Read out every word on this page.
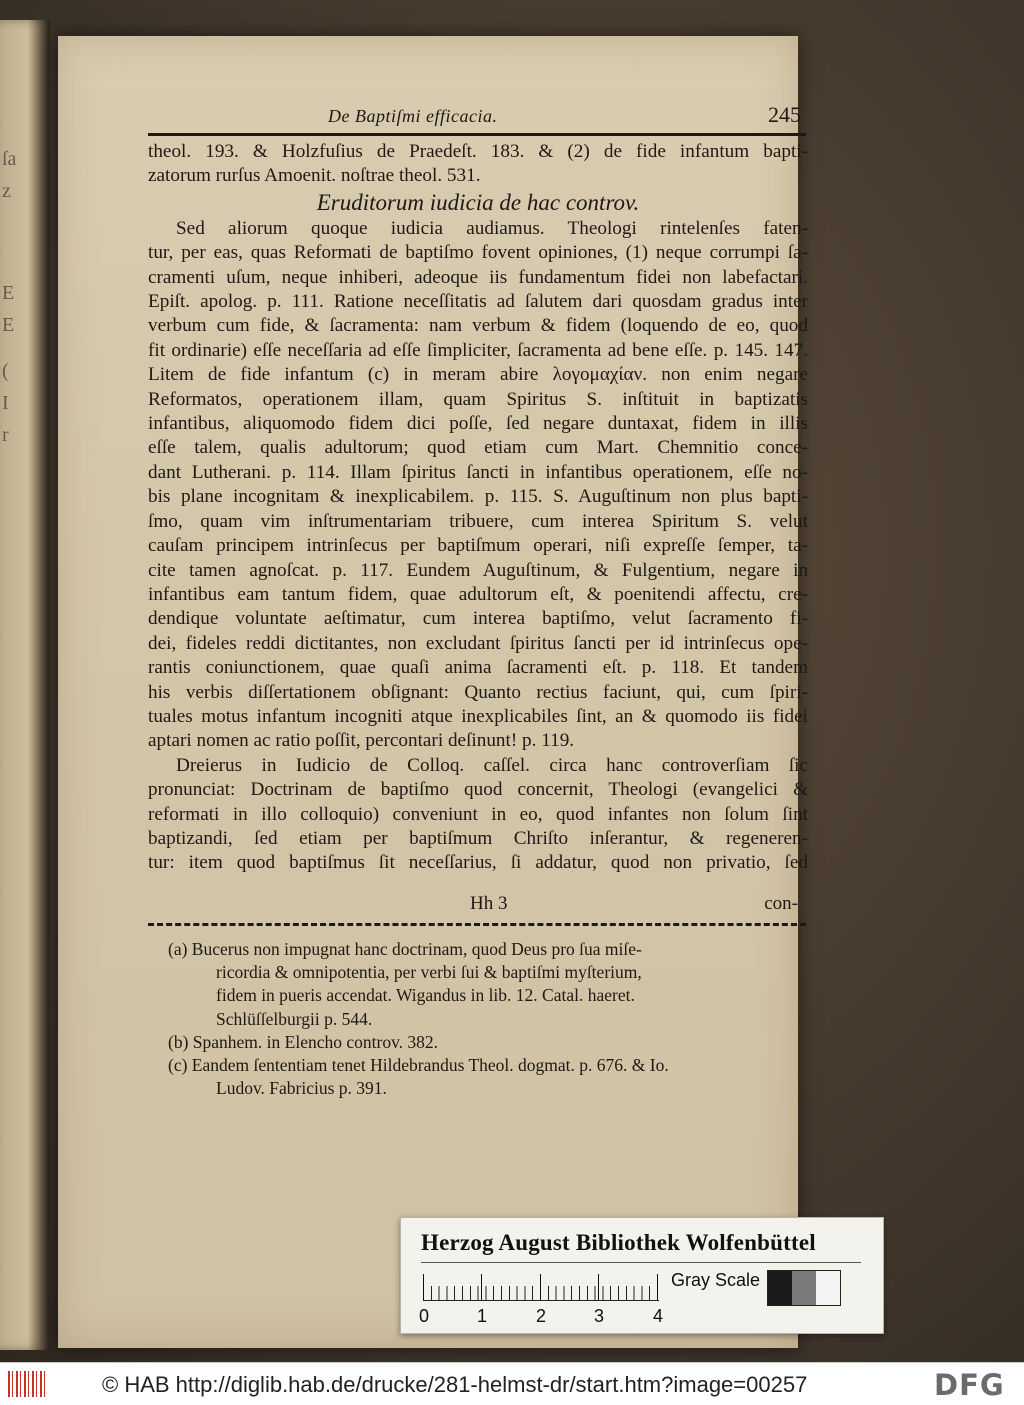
ſa
z
E
E
(
I
r
De Baptiſmi efficacia.	245
theol. 193. & Holzfuſius de Praedeſt. 183. & (2) de fide infantum bapti-
zatorum rurſus Amoenit. noſtrae theol. 531.
Eruditorum iudicia de hac controv.
Sed aliorum quoque iudicia audiamus. Theologi rintelenſes faten-
tur, per eas, quas Reformati de baptiſmo fovent opiniones, (1) neque corrumpi ſa-
cramenti uſum, neque inhiberi, adeoque iis fundamentum fidei non labefactari.
Epiſt. apolog. p. 111. Ratione neceſſitatis ad ſalutem dari quosdam gradus inter
verbum cum fide, & ſacramenta: nam verbum & fidem (loquendo de eo, quod
fit ordinarie) eſſe neceſſaria ad eſſe ſimpliciter, ſacramenta ad bene eſſe. p. 145. 147.
Litem de fide infantum (c) in meram abire λογομαχίαν. non enim negare
Reformatos, operationem illam, quam Spiritus S. inſtituit in baptizatis
infantibus, aliquomodo fidem dici poſſe, ſed negare duntaxat, fidem in illis
eſſe talem, qualis adultorum; quod etiam cum Mart. Chemnitio conce-
dant Lutherani. p. 114. Illam ſpiritus ſancti in infantibus operationem, eſſe no-
bis plane incognitam & inexplicabilem. p. 115. S. Auguſtinum non plus bapti-
ſmo, quam vim inſtrumentariam tribuere, cum interea Spiritum S. velut
cauſam principem intrinſecus per baptiſmum operari, niſi expreſſe ſemper, ta-
cite tamen agnoſcat. p. 117. Eundem Auguſtinum, & Fulgentium, negare in
infantibus eam tantum fidem, quae adultorum eſt, & poenitendi affectu, cre-
dendique voluntate aeſtimatur, cum interea baptiſmo, velut ſacramento fi-
dei, fideles reddi dictitantes, non excludant ſpiritus ſancti per id intrinſecus ope-
rantis coniunctionem, quae quaſi anima ſacramenti eſt. p. 118. Et tandem
his verbis diſſertationem obſignant: Quanto rectius faciunt, qui, cum ſpiri-
tuales motus infantum incogniti atque inexplicabiles ſint, an & quomodo iis fidei
aptari nomen ac ratio poſſit, percontari deſinunt! p. 119.
Dreierus in Iudicio de Colloq. caſſel. circa hanc controverſiam ſic
pronunciat: Doctrinam de baptiſmo quod concernit, Theologi (evangelici &
reformati in illo colloquio) conveniunt in eo, quod infantes non ſolum ſint
baptizandi, ſed etiam per baptiſmum Chriſto inſerantur, & regeneren-
tur: item quod baptiſmus ſit neceſſarius, ſi addatur, quod non privatio, ſed
Hh 3	con-
(a) Bucerus non impugnat hanc doctrinam, quod Deus pro ſua miſe-
ricordia & omnipotentia, per verbi ſui & baptiſmi myſterium,
fidem in pueris accendat. Wigandus in lib. 12. Catal. haeret.
Schlüſſelburgii p. 544.
(b) Spanhem. in Elencho controv. 382.
(c) Eandem ſententiam tenet Hildebrandus Theol. dogmat. p. 676. & Io.
Ludov. Fabricius p. 391.
Herzog August Bibliothek Wolfenbüttel
0	1	2	3	4
Gray Scale
© HAB http://diglib.hab.de/drucke/281-helmst-dr/start.htm?image=00257	DFG
